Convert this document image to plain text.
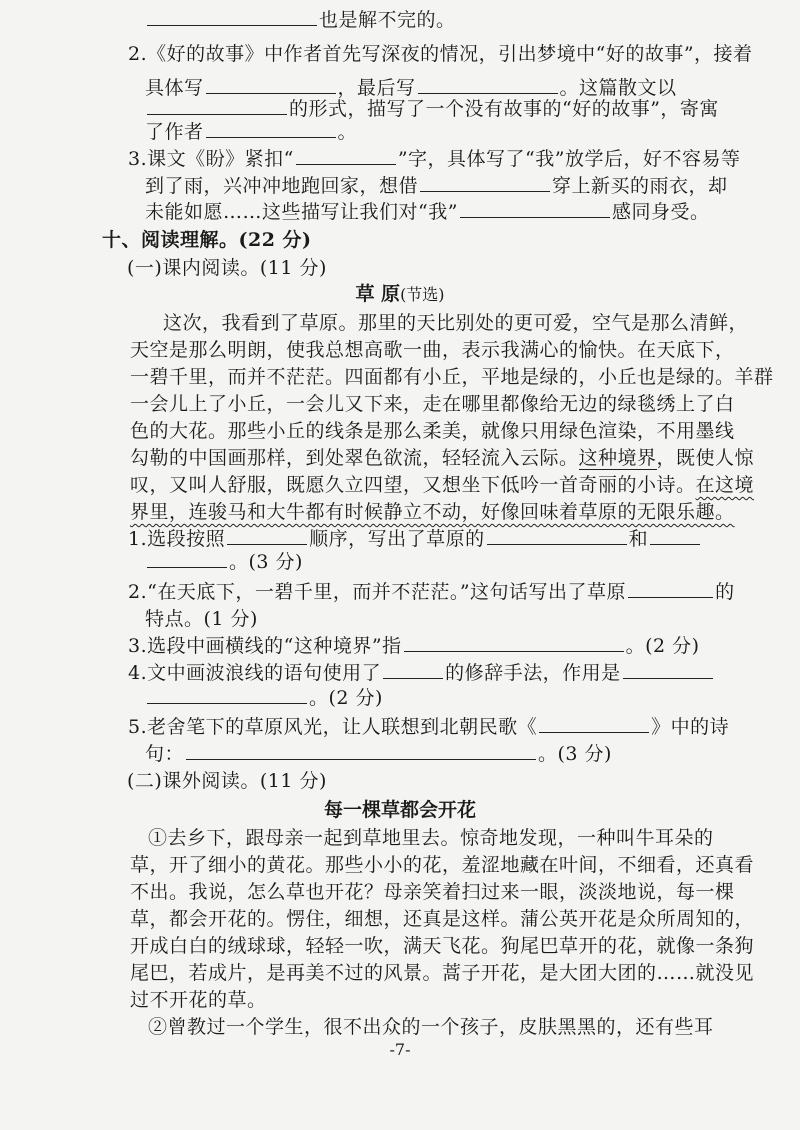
也是解不完的。
2.《好的故事》中作者首先写深夜的情况，引出梦境中“好的故事”，接着
具体写	，最后写	。这篇散文以
的形式，描写了一个没有故事的“好的故事”，寄寓
了作者	。
3.课文《盼》紧扣“	”字，具体写了“我”放学后，好不容易等
到了雨，兴冲冲地跑回家，想借	穿上新买的雨衣，却
未能如愿……这些描写让我们对“我”	感同身受。
十、阅读理解。(22 分)
(一)课内阅读。(11 分)
草 原(节选)
这次，我看到了草原。那里的天比别处的更可爱，空气是那么清鲜，
天空是那么明朗，使我总想高歌一曲，表示我满心的愉快。在天底下，
一碧千里，而并不茫茫。四面都有小丘，平地是绿的，小丘也是绿的。羊群
一会儿上了小丘，一会儿又下来，走在哪里都像给无边的绿毯绣上了白
色的大花。那些小丘的线条是那么柔美，就像只用绿色渲染，不用墨线
勾勒的中国画那样，到处翠色欲流，轻轻流入云际。这种境界，既使人惊
叹，又叫人舒服，既愿久立四望，又想坐下低吟一首奇丽的小诗。在这境
界里，连骏马和大牛都有时候静立不动，好像回味着草原的无限乐趣。
1.选段按照	顺序，写出了草原的	和
。(3 分)
2.“在天底下，一碧千里，而并不茫茫。”这句话写出了草原	的
特点。(1 分)
3.选段中画横线的“这种境界”指	。(2 分)
4.文中画波浪线的语句使用了	的修辞手法，作用是
。(2 分)
5.老舍笔下的草原风光，让人联想到北朝民歌《	》中的诗
句：	。(3 分)
(二)课外阅读。(11 分)
每一棵草都会开花
①去乡下，跟母亲一起到草地里去。惊奇地发现，一种叫牛耳朵的
草，开了细小的黄花。那些小小的花，羞涩地藏在叶间，不细看，还真看
不出。我说，怎么草也开花？母亲笑着扫过来一眼，淡淡地说，每一棵
草，都会开花的。愣住，细想，还真是这样。蒲公英开花是众所周知的，
开成白白的绒球球，轻轻一吹，满天飞花。狗尾巴草开的花，就像一条狗
尾巴，若成片，是再美不过的风景。蒿子开花，是大团大团的……就没见
过不开花的草。
②曾教过一个学生，很不出众的一个孩子，皮肤黑黑的，还有些耳
-7-
